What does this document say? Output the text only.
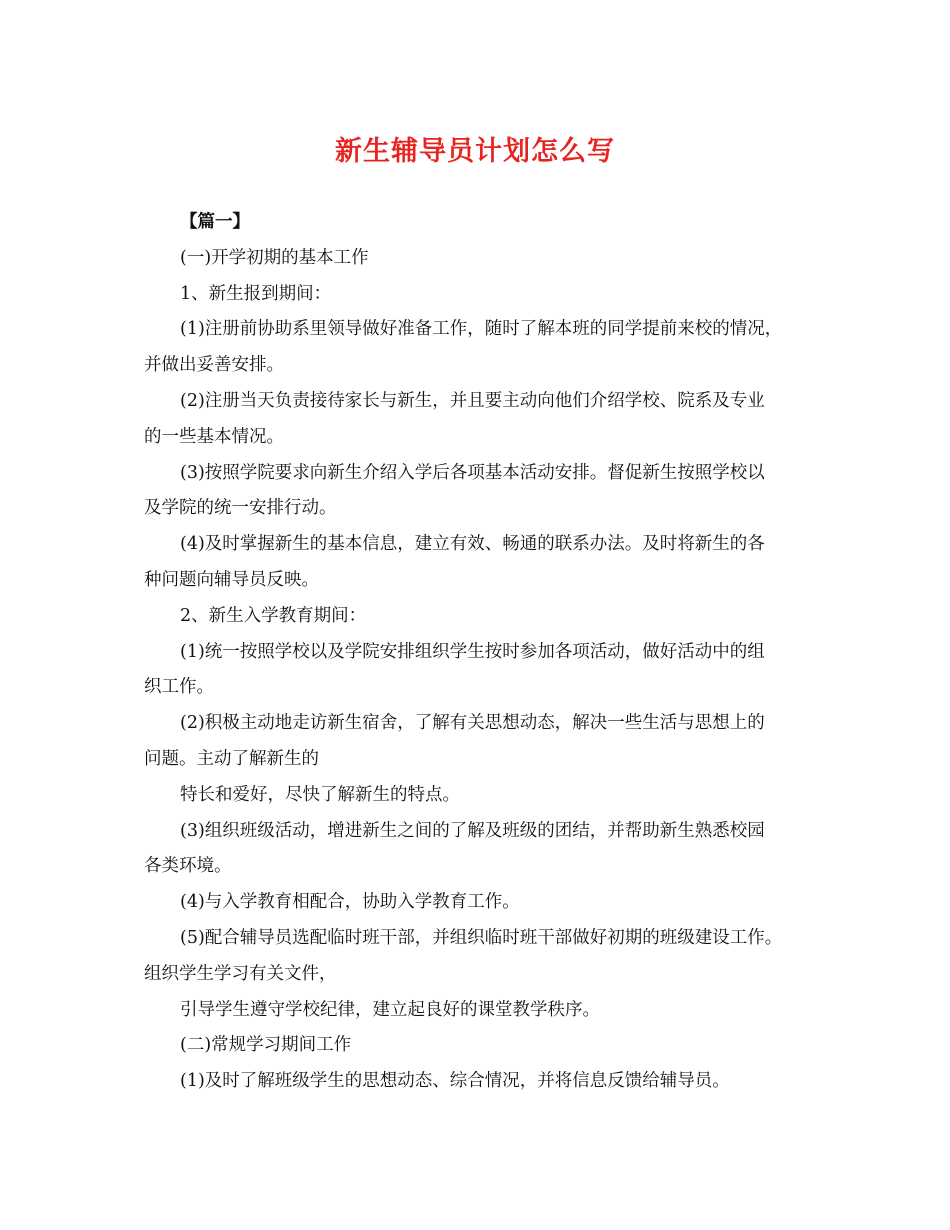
新生辅导员计划怎么写
【篇一】
(一)开学初期的基本工作
1、新生报到期间：
(1)注册前协助系里领导做好准备工作，随时了解本班的同学提前来校的情况，
并做出妥善安排。
(2)注册当天负责接待家长与新生，并且要主动向他们介绍学校、院系及专业
的一些基本情况。
(3)按照学院要求向新生介绍入学后各项基本活动安排。督促新生按照学校以
及学院的统一安排行动。
(4)及时掌握新生的基本信息，建立有效、畅通的联系办法。及时将新生的各
种问题向辅导员反映。
2、新生入学教育期间：
(1)统一按照学校以及学院安排组织学生按时参加各项活动，做好活动中的组
织工作。
(2)积极主动地走访新生宿舍，了解有关思想动态，解决一些生活与思想上的
问题。主动了解新生的
特长和爱好，尽快了解新生的特点。
(3)组织班级活动，增进新生之间的了解及班级的团结，并帮助新生熟悉校园
各类环境。
(4)与入学教育相配合，协助入学教育工作。
(5)配合辅导员选配临时班干部，并组织临时班干部做好初期的班级建设工作。
组织学生学习有关文件，
引导学生遵守学校纪律，建立起良好的课堂教学秩序。
(二)常规学习期间工作
(1)及时了解班级学生的思想动态、综合情况，并将信息反馈给辅导员。
